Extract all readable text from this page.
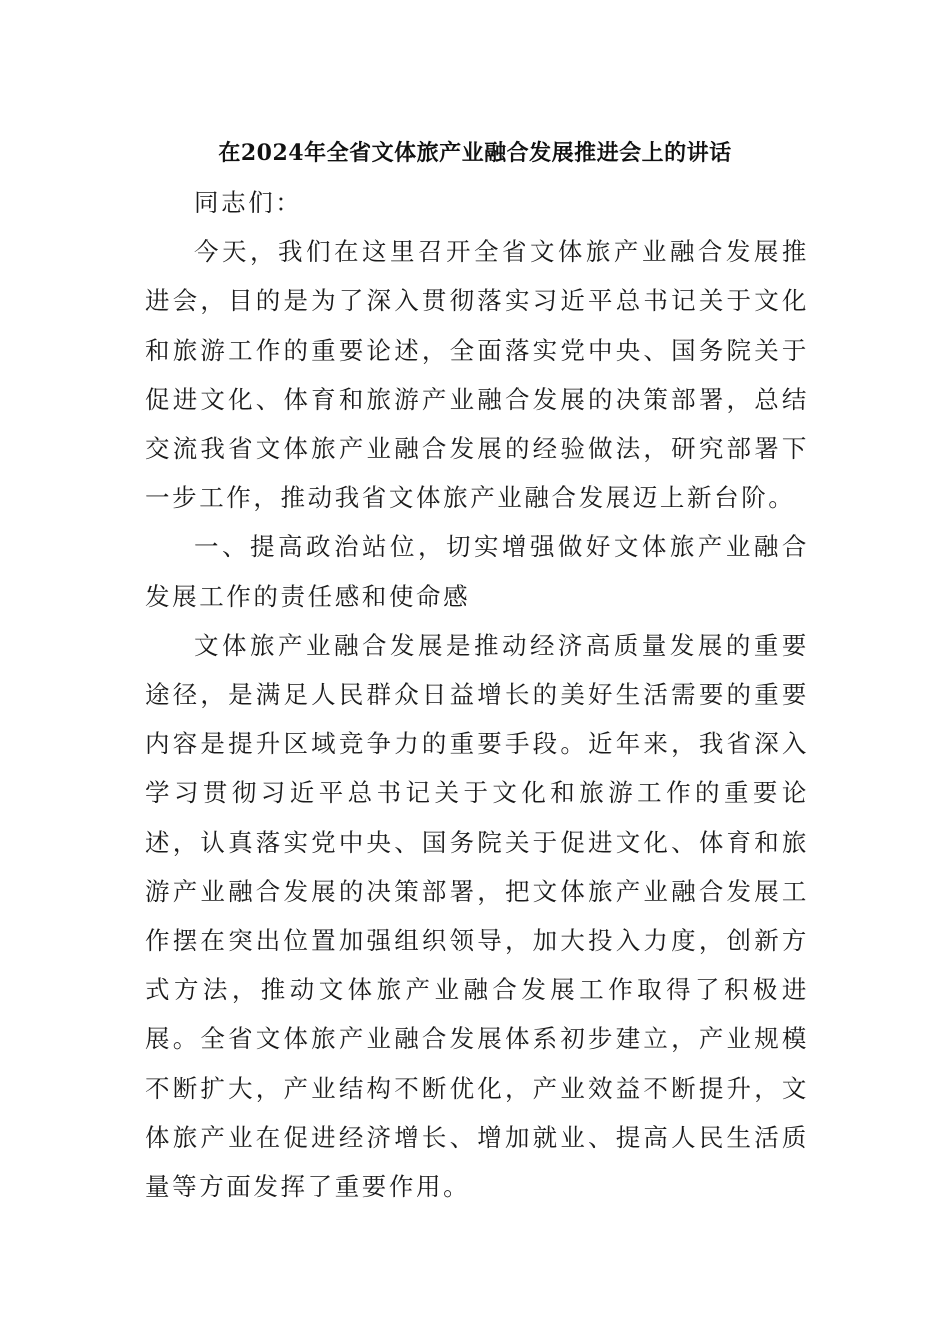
在2024年全省文体旅产业融合发展推进会上的讲话

同志们：

今天，我们在这里召开全省文体旅产业融合发展推进会，目的是为了深入贯彻落实习近平总书记关于文化和旅游工作的重要论述，全面落实党中央、国务院关于促进文化、体育和旅游产业融合发展的决策部署，总结交流我省文体旅产业融合发展的经验做法，研究部署下一步工作，推动我省文体旅产业融合发展迈上新台阶。

一、提高政治站位，切实增强做好文体旅产业融合发展工作的责任感和使命感

文体旅产业融合发展是推动经济高质量发展的重要途径，是满足人民群众日益增长的美好生活需要的重要内容是提升区域竞争力的重要手段。近年来，我省深入学习贯彻习近平总书记关于文化和旅游工作的重要论述，认真落实党中央、国务院关于促进文化、体育和旅游产业融合发展的决策部署，把文体旅产业融合发展工作摆在突出位置加强组织领导，加大投入力度，创新方式方法，推动文体旅产业融合发展工作取得了积极进展。全省文体旅产业融合发展体系初步建立，产业规模不断扩大，产业结构不断优化，产业效益不断提升，文体旅产业在促进经济增长、增加就业、提高人民生活质量等方面发挥了重要作用。
